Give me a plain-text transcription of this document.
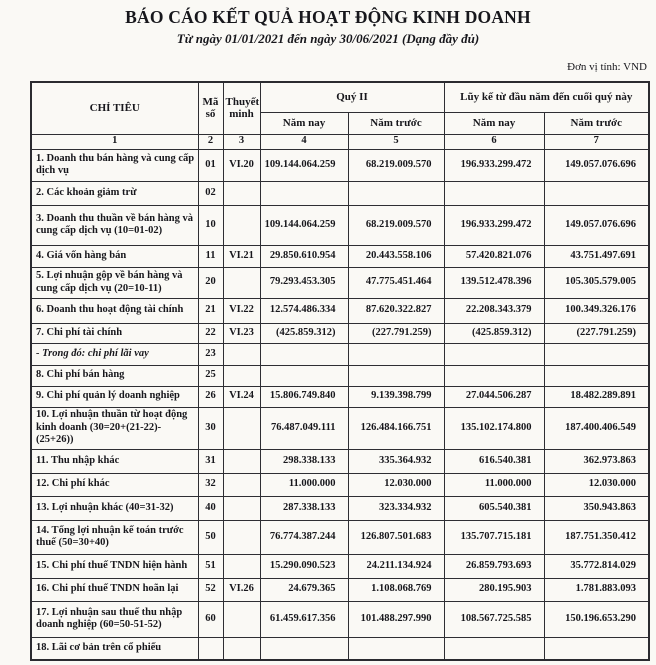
BÁO CÁO KẾT QUẢ HOẠT ĐỘNG KINH DOANH
Từ ngày 01/01/2021 đến ngày 30/06/2021 (Dạng đầy đủ)
Đơn vị tính: VND
CHỈ TIÊU	Mã số	Thuyết minh	Quý II		Lũy kế từ đầu năm đến cuối quý này	
			Năm nay	Năm trước	Năm nay	Năm trước
1	2	3	4	5	6	7
1. Doanh thu bán hàng và cung cấp dịch vụ	01	VI.20	109.144.064.259	68.219.009.570	196.933.299.472	149.057.076.696
2. Các khoản giảm trừ	02					
3. Doanh thu thuần về bán hàng và cung cấp dịch vụ (10=01-02)	10		109.144.064.259	68.219.009.570	196.933.299.472	149.057.076.696
4. Giá vốn hàng bán	11	VI.21	29.850.610.954	20.443.558.106	57.420.821.076	43.751.497.691
5. Lợi nhuận gộp về bán hàng và cung cấp dịch vụ (20=10-11)	20		79.293.453.305	47.775.451.464	139.512.478.396	105.305.579.005
6. Doanh thu hoạt động tài chính	21	VI.22	12.574.486.334	87.620.322.827	22.208.343.379	100.349.326.176
7. Chi phí tài chính	22	VI.23	(425.859.312)	(227.791.259)	(425.859.312)	(227.791.259)
- Trong đó: chi phí lãi vay	23					
8. Chi phí bán hàng	25					
9. Chi phí quản lý doanh nghiệp	26	VI.24	15.806.749.840	9.139.398.799	27.044.506.287	18.482.289.891
10. Lợi nhuận thuần từ hoạt động kinh doanh (30=20+(21-22)-(25+26))	30		76.487.049.111	126.484.166.751	135.102.174.800	187.400.406.549
11. Thu nhập khác	31		298.338.133	335.364.932	616.540.381	362.973.863
12. Chi phí khác	32		11.000.000	12.030.000	11.000.000	12.030.000
13. Lợi nhuận khác (40=31-32)	40		287.338.133	323.334.932	605.540.381	350.943.863
14. Tổng lợi nhuận kế toán trước thuế (50=30+40)	50		76.774.387.244	126.807.501.683	135.707.715.181	187.751.350.412
15. Chi phí thuế TNDN hiện hành	51		15.290.090.523	24.211.134.924	26.859.793.693	35.772.814.029
16. Chi phí thuế TNDN hoãn lại	52	VI.26	24.679.365	1.108.068.769	280.195.903	1.781.883.093
17. Lợi nhuận sau thuế thu nhập doanh nghiệp (60=50-51-52)	60		61.459.617.356	101.488.297.990	108.567.725.585	150.196.653.290
18. Lãi cơ bản trên cổ phiếu						
